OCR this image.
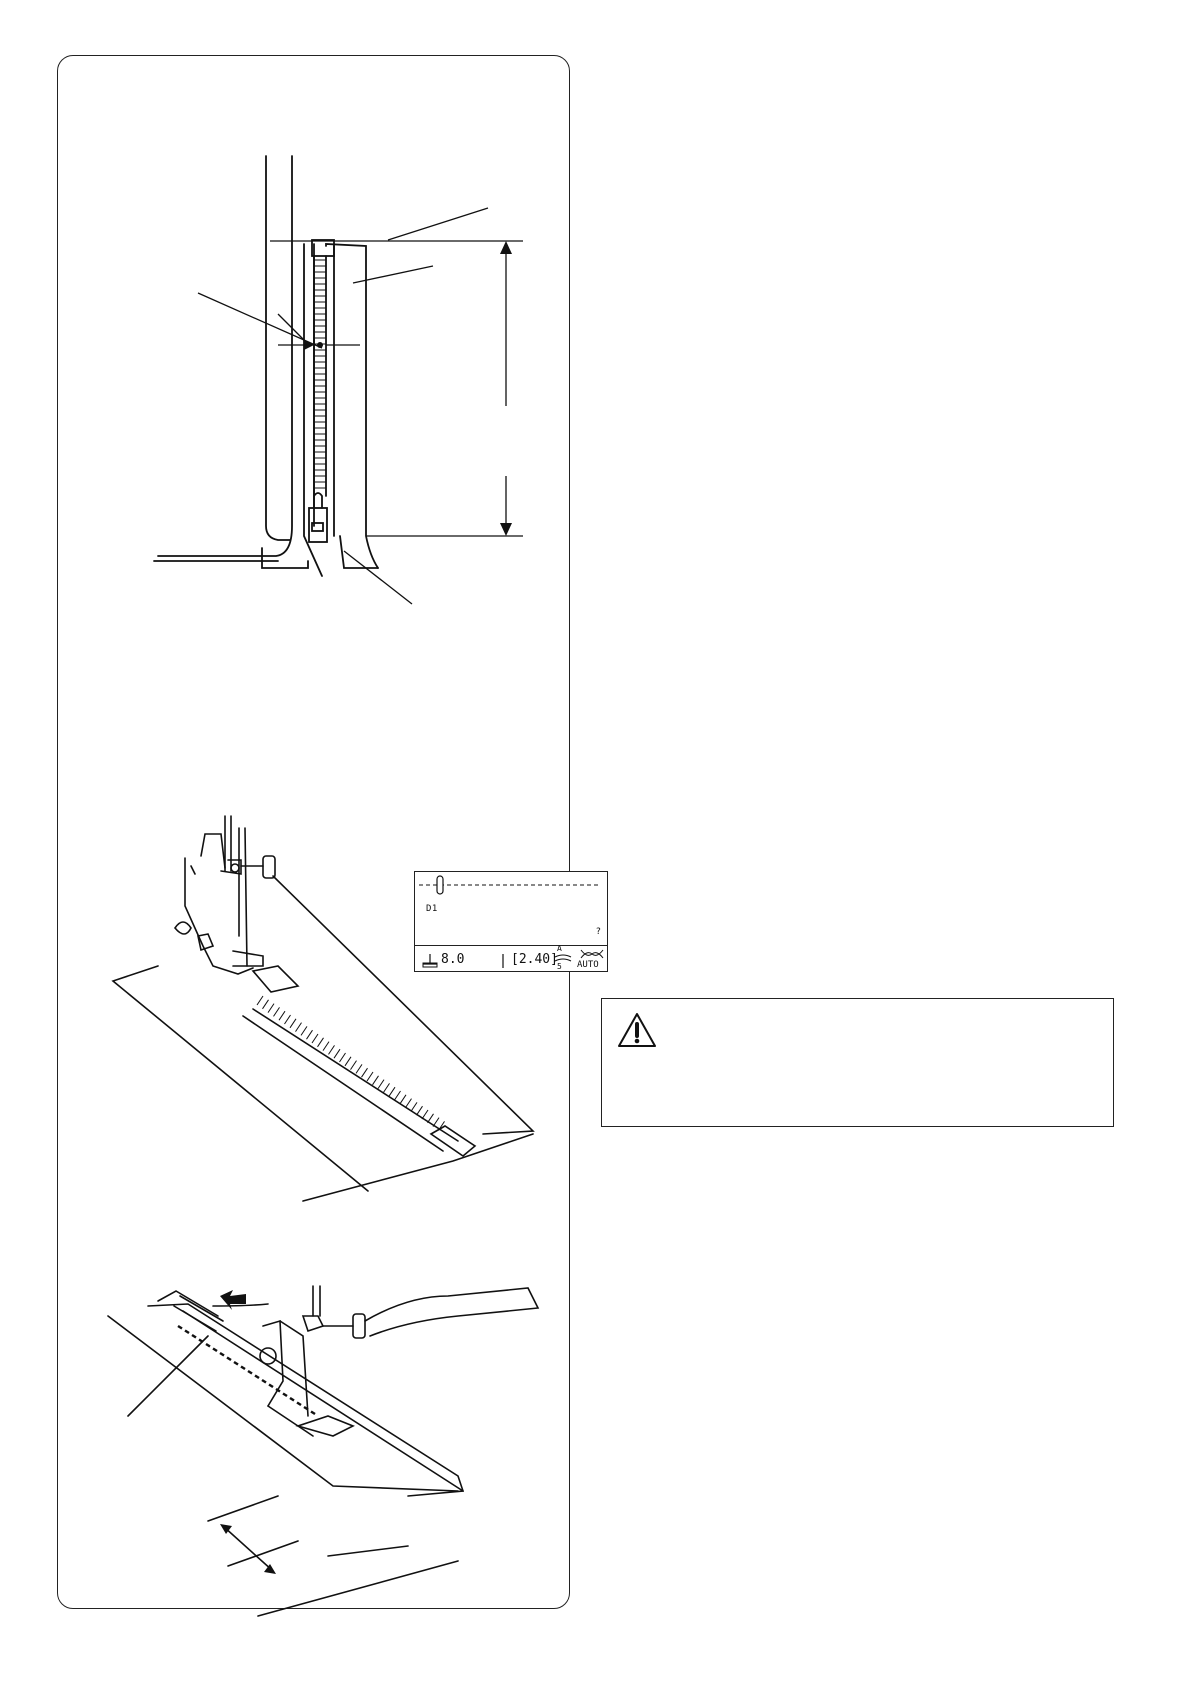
D1
?
8.0	[2.40]
A
5 AUTO
